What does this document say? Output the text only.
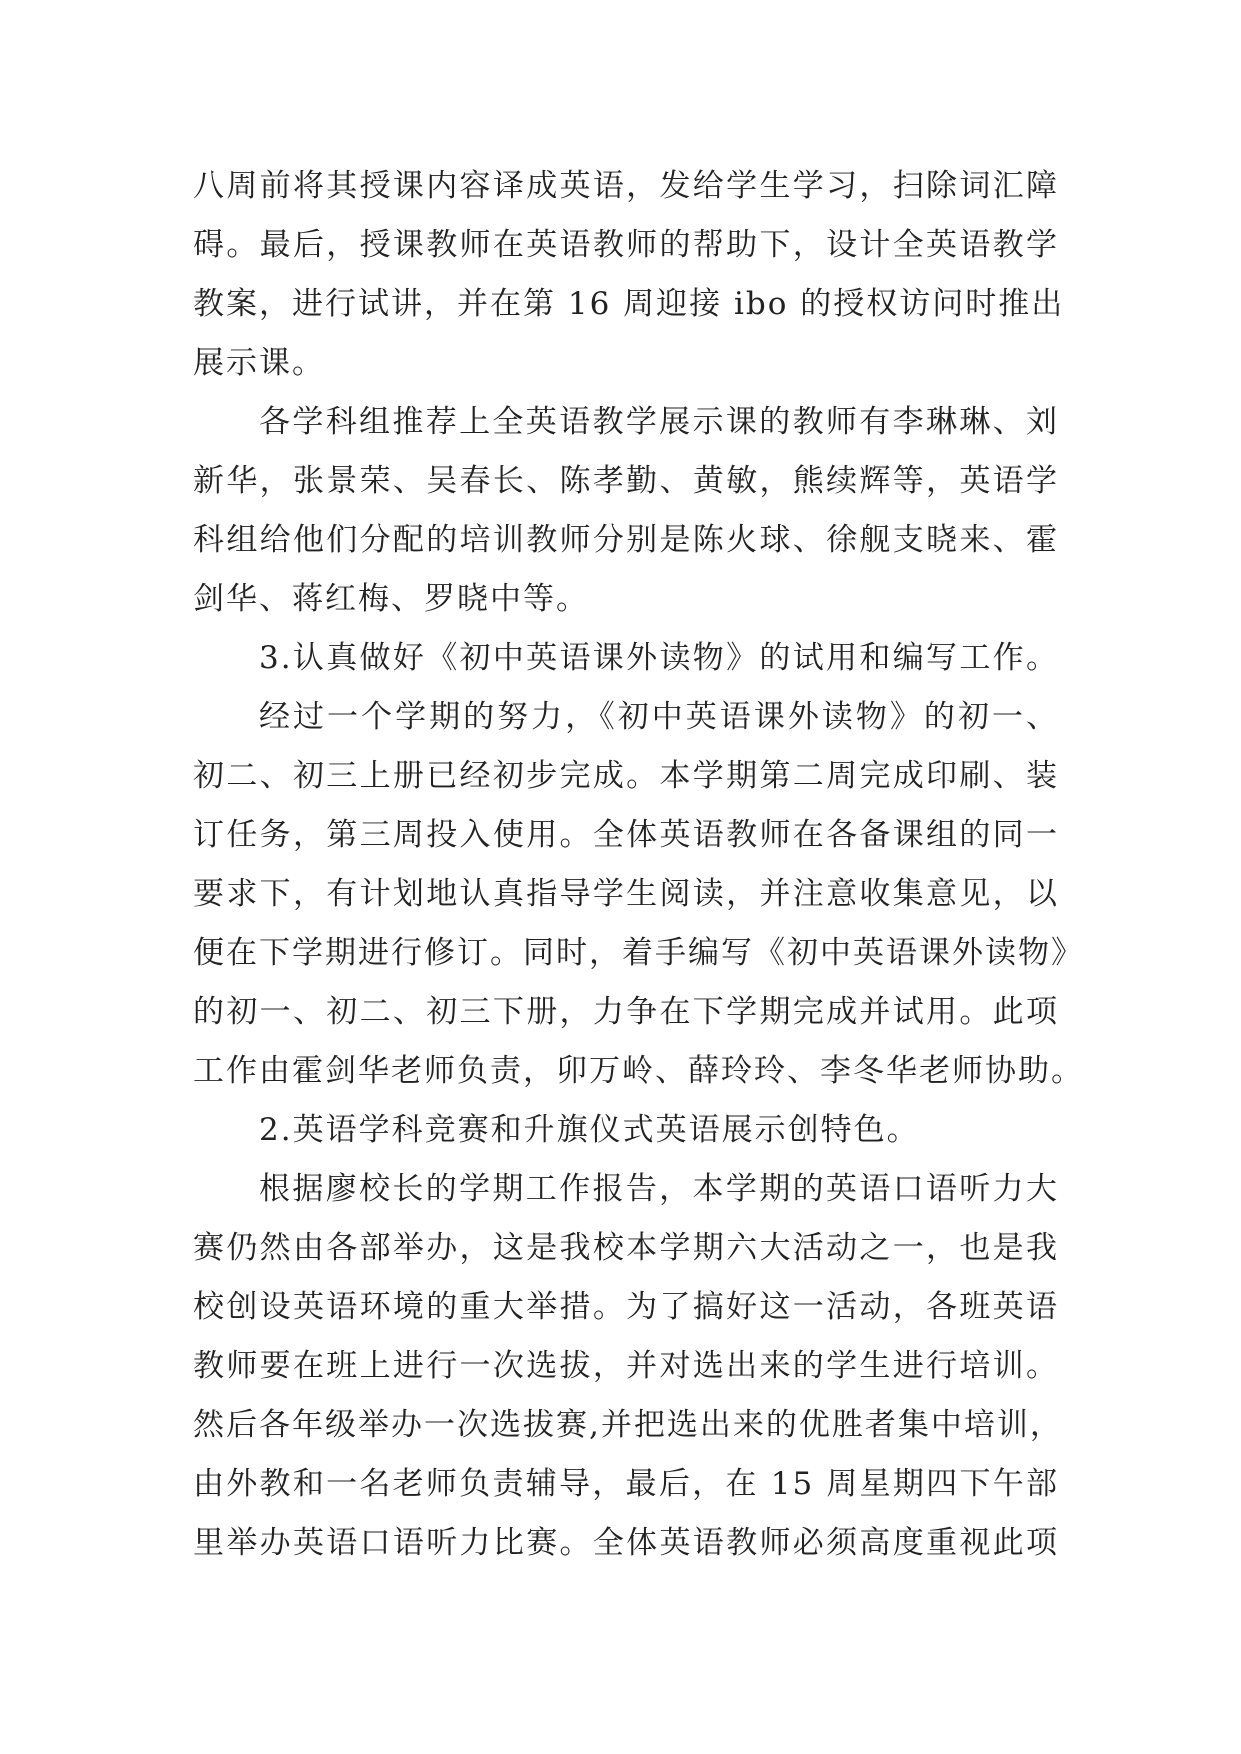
八周前将其授课内容译成英语，发给学生学习，扫除词汇障
碍。最后，授课教师在英语教师的帮助下，设计全英语教学
教案，进行试讲，并在第 16 周迎接 ibo 的授权访问时推出
展示课。
各学科组推荐上全英语教学展示课的教师有李琳琳、刘
新华，张景荣、吴春长、陈孝勤、黄敏，熊续辉等，英语学
科组给他们分配的培训教师分别是陈火球、徐舰支晓来、霍
剑华、蒋红梅、罗晓中等。
3.认真做好《初中英语课外读物》的试用和编写工作。
经过一个学期的努力，《初中英语课外读物》的初一、
初二、初三上册已经初步完成。本学期第二周完成印刷、装
订任务，第三周投入使用。全体英语教师在各备课组的同一
要求下，有计划地认真指导学生阅读，并注意收集意见，以
便在下学期进行修订。同时，着手编写《初中英语课外读物》
的初一、初二、初三下册，力争在下学期完成并试用。此项
工作由霍剑华老师负责，卯万岭、薛玲玲、李冬华老师协助。
2.英语学科竞赛和升旗仪式英语展示创特色。
根据廖校长的学期工作报告，本学期的英语口语听力大
赛仍然由各部举办，这是我校本学期六大活动之一，也是我
校创设英语环境的重大举措。为了搞好这一活动，各班英语
教师要在班上进行一次选拔，并对选出来的学生进行培训。
然后各年级举办一次选拔赛,并把选出来的优胜者集中培训，
由外教和一名老师负责辅导，最后，在 15 周星期四下午部
里举办英语口语听力比赛。全体英语教师必须高度重视此项
